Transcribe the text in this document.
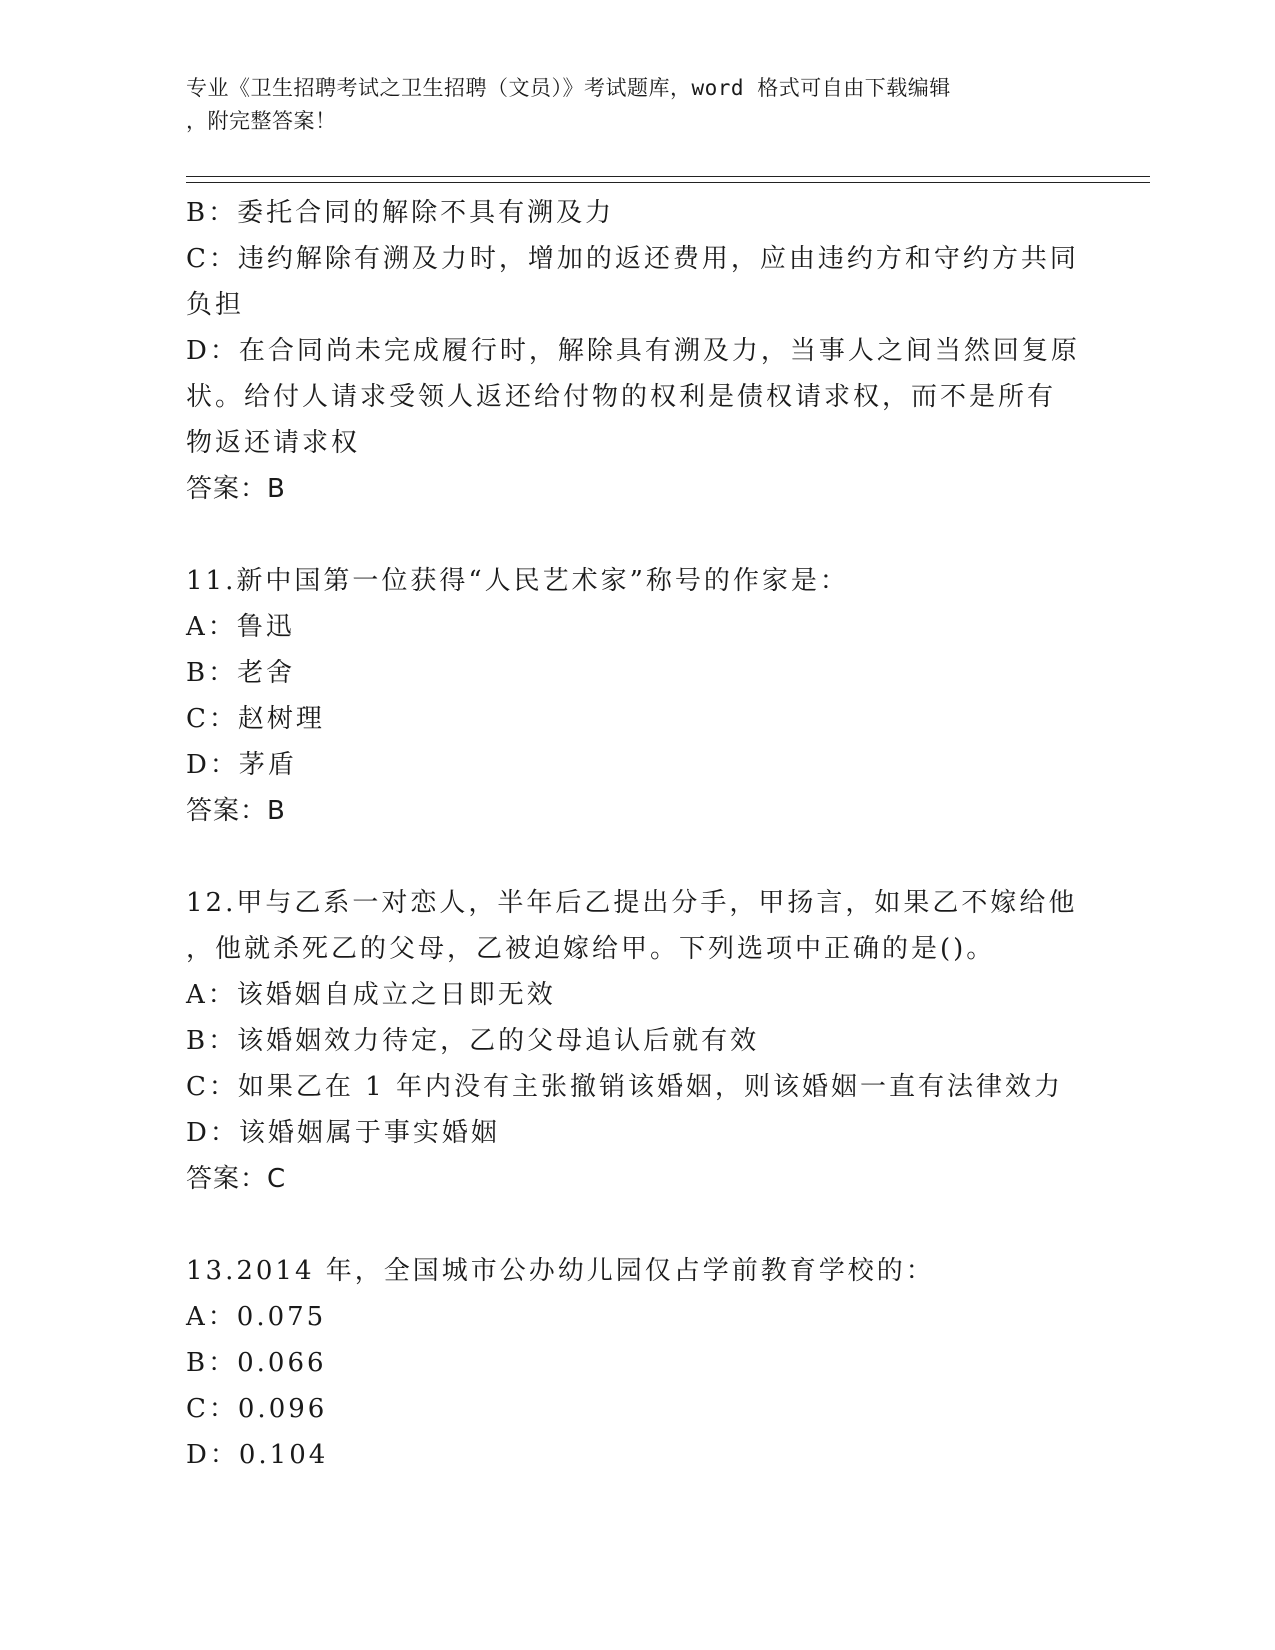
专业《卫生招聘考试之卫生招聘（文员）》考试题库，word 格式可自由下载编辑
，附完整答案！
B：委托合同的解除不具有溯及力
C：违约解除有溯及力时，增加的返还费用，应由违约方和守约方共同
负担
D：在合同尚未完成履行时，解除具有溯及力，当事人之间当然回复原
状。给付人请求受领人返还给付物的权利是债权请求权，而不是所有
物返还请求权
答案：B
11.新中国第一位获得“人民艺术家”称号的作家是：
A：鲁迅
B：老舍
C：赵树理
D：茅盾
答案：B
12.甲与乙系一对恋人，半年后乙提出分手，甲扬言，如果乙不嫁给他
，他就杀死乙的父母，乙被迫嫁给甲。下列选项中正确的是()。
A：该婚姻自成立之日即无效
B：该婚姻效力待定，乙的父母追认后就有效
C：如果乙在 1 年内没有主张撤销该婚姻，则该婚姻一直有法律效力
D：该婚姻属于事实婚姻
答案：C
13.2014 年，全国城市公办幼儿园仅占学前教育学校的：
A：0.075
B：0.066
C：0.096
D：0.104
